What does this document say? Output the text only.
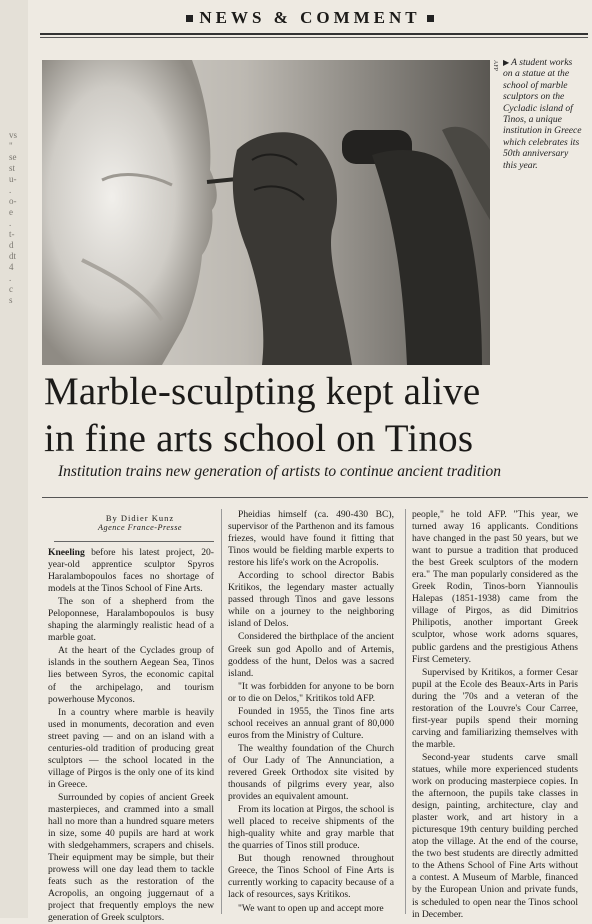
vs
"
se
st
u-
.
o-
e
.
t-
d
dt
4
.
c
s
NEWS & COMMENT
AFP ▶ A student works on a statue at the school of marble sculptors on the Cycladic island of Tinos, a unique institution in Greece which celebrates its 50th anniversary this year.
Marble-sculpting kept alive
in fine arts school on Tinos

Institution trains new generation of artists to continue ancient tradition

By Didier Kunz
Agence France-Presse

Kneeling before his latest project, 20-year-old apprentice sculptor Spyros Haralambopoulos faces no shortage of models at the Tinos School of Fine Arts.

The son of a shepherd from the Peloponnese, Haralambopoulos is busy shaping the alarmingly realistic head of a marble goat.

At the heart of the Cyclades group of islands in the southern Aegean Sea, Tinos lies between Syros, the economic capital of the archipelago, and tourism powerhouse Myconos.

In a country where marble is heavily used in monuments, decoration and even street paving — and on an island with a centuries-old tradition of producing great sculptors — the school located in the village of Pirgos is the only one of its kind in Greece.

Surrounded by copies of ancient Greek masterpieces, and crammed into a small hall no more than a hundred square meters in size, some 40 pupils are hard at work with sledgehammers, scrapers and chisels. Their equipment may be simple, but their prowess will one day lead them to tackle feats such as the restoration of the Acropolis, an ongoing juggernaut of a project that frequently employs the new generation of Greek sculptors.

Pheidias himself (ca. 490-430 BC), supervisor of the Parthenon and its famous friezes, would have found it fitting that Tinos would be fielding marble experts to restore his life's work on the Acropolis.

According to school director Babis Kritikos, the legendary master actually passed through Tinos and gave lessons while on a journey to the neighboring island of Delos.

Considered the birthplace of the ancient Greek sun god Apollo and of Artemis, goddess of the hunt, Delos was a sacred island.

"It was forbidden for anyone to be born or to die on Delos," Kritikos told AFP.

Founded in 1955, the Tinos fine arts school receives an annual grant of 80,000 euros from the Ministry of Culture.

The wealthy foundation of the Church of Our Lady of The Annunciation, a revered Greek Orthodox site visited by thousands of pilgrims every year, also provides an equivalent amount.

From its location at Pirgos, the school is well placed to receive shipments of the high-quality white and gray marble that the quarries of Tinos still produce.

But though renowned throughout Greece, the Tinos School of Fine Arts is currently working to capacity because of a lack of resources, says Kritikos.

"We want to open up and accept more

people," he told AFP. "This year, we turned away 16 applicants. Conditions have changed in the past 50 years, but we want to pursue a tradition that produced the best Greek sculptors of the modern era." The man popularly considered as the Greek Rodin, Tinos-born Yiannoulis Halepas (1851-1938) came from the village of Pirgos, as did Dimitrios Philipotis, another important Greek sculptor, whose work adorns squares, public gardens and the prestigious Athens First Cemetery.

Supervised by Kritikos, a former Cesar pupil at the Ecole des Beaux-Arts in Paris during the '70s and a veteran of the restoration of the Louvre's Cour Carree, first-year pupils spend their morning carving and familiarizing themselves with the marble.

Second-year students carve small statues, while more experienced students work on producing masterpiece copies. In the afternoon, the pupils take classes in design, painting, architecture, clay and plaster work, and art history in a picturesque 19th century building perched atop the village. At the end of the course, the two best students are directly admitted to the Athens School of Fine Arts without a contest. A Museum of Marble, financed by the European Union and private funds, is scheduled to open near the Tinos school in December.
